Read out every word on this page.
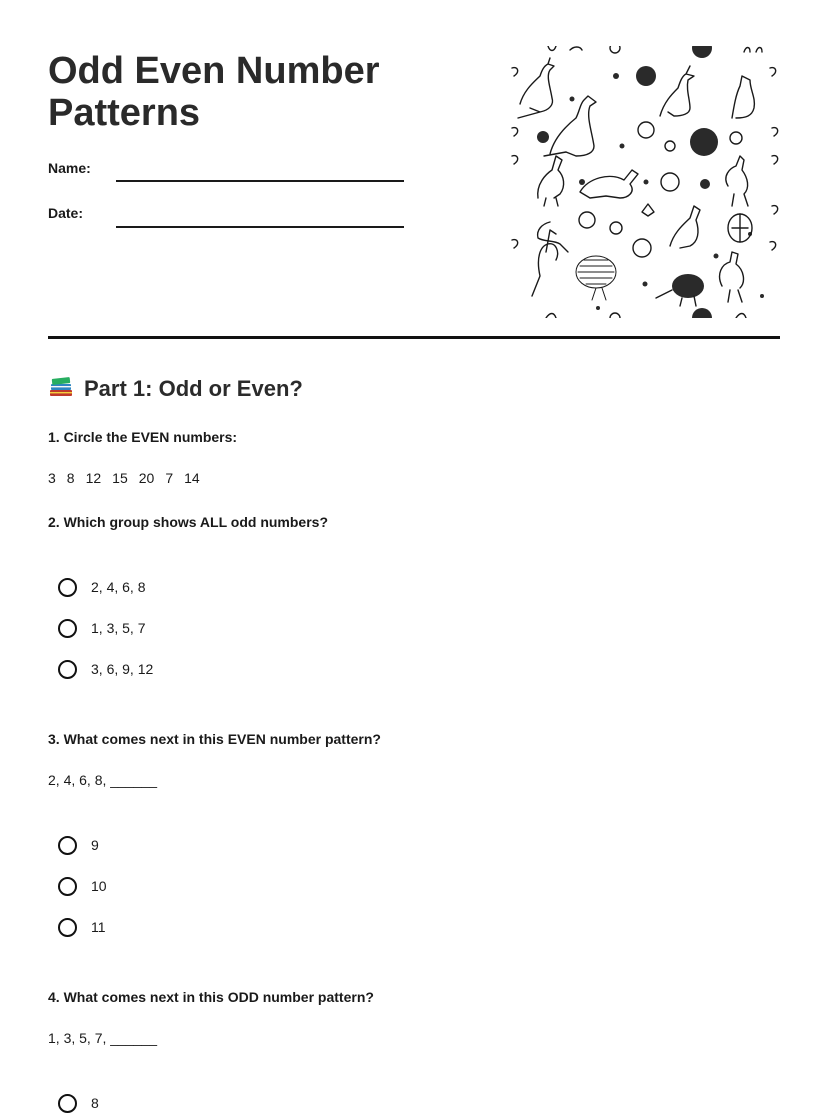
Odd Even Number Patterns
Name:
Date:
Part 1: Odd or Even?
1. Circle the EVEN numbers:
3 8 12 15 20 7 14
2. Which group shows ALL odd numbers?
2, 4, 6, 8
1, 3, 5, 7
3, 6, 9, 12
3. What comes next in this EVEN number pattern?
2, 4, 6, 8, ______
9
10
11
4. What comes next in this ODD number pattern?
1, 3, 5, 7, ______
8
